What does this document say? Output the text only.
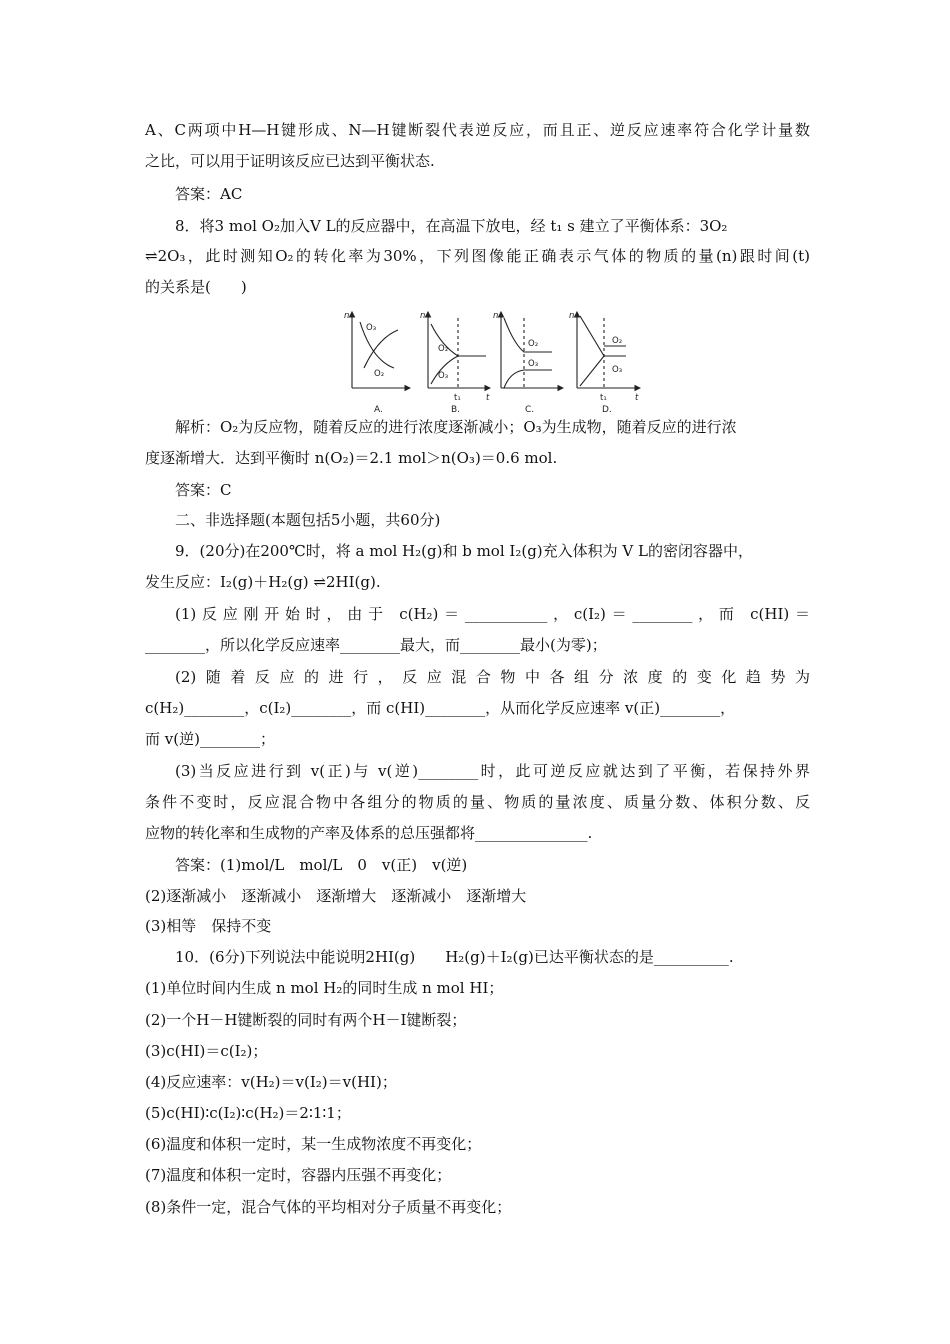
A、C两项中H—H键形成、N—H键断裂代表逆反应，而且正、逆反应速率符合化学计量数
之比，可以用于证明该反应已达到平衡状态.
答案：AC
8．将3 mol O₂加入V L的反应器中，在高温下放电，经 t₁ s 建立了平衡体系：3O₂
⇌2O₃，此时测知O₂的转化率为30%，下列图像能正确表示气体的物质的量(n)跟时间(t)
的关系是(　　)
n
O₃
O₂
n
t
O₂
O₃
t₁
n
O₂
O₃
n
t
O₂
O₃
t₁
A.	B.	C.	D.
解析：O₂为反应物，随着反应的进行浓度逐渐减小；O₃为生成物，随着反应的进行浓
度逐渐增大．达到平衡时 n(O₂)＝2.1 mol＞n(O₃)＝0.6 mol.
答案：C
二、非选择题(本题包括5小题，共60分)
9．(20分)在200℃时，将 a mol H₂(g)和 b mol I₂(g)充入体积为 V L的密闭容器中，
发生反应：I₂(g)＋H₂(g) ⇌2HI(g).
(1)反应刚开始时，由于 c(H₂)＝___________，c(I₂)＝________，而 c(HI)＝
________，所以化学反应速率________最大，而________最小(为零)；
(2)随着反应的进行，反应混合物中各组分浓度的变化趋势为
c(H₂)________，c(I₂)________，而 c(HI)________，从而化学反应速率 v(正)________，
而 v(逆)________；
(3)当反应进行到 v(正)与 v(逆)________时，此可逆反应就达到了平衡，若保持外界
条件不变时，反应混合物中各组分的物质的量、物质的量浓度、质量分数、体积分数、反
应物的转化率和生成物的产率及体系的总压强都将_______________.
答案：(1)mol/L　mol/L　0　v(正)　v(逆)
(2)逐渐减小　逐渐减小　逐渐增大　逐渐减小　逐渐增大
(3)相等　保持不变
10．(6分)下列说法中能说明2HI(g)　　H₂(g)＋I₂(g)已达平衡状态的是__________.
(1)单位时间内生成 n mol H₂的同时生成 n mol HI；
(2)一个H－H键断裂的同时有两个H－I键断裂；
(3)c(HI)＝c(I₂)；
(4)反应速率：v(H₂)＝v(I₂)＝v(HI)；
(5)c(HI)∶c(I₂)∶c(H₂)＝2∶1∶1；
(6)温度和体积一定时，某一生成物浓度不再变化；
(7)温度和体积一定时，容器内压强不再变化；
(8)条件一定，混合气体的平均相对分子质量不再变化；
